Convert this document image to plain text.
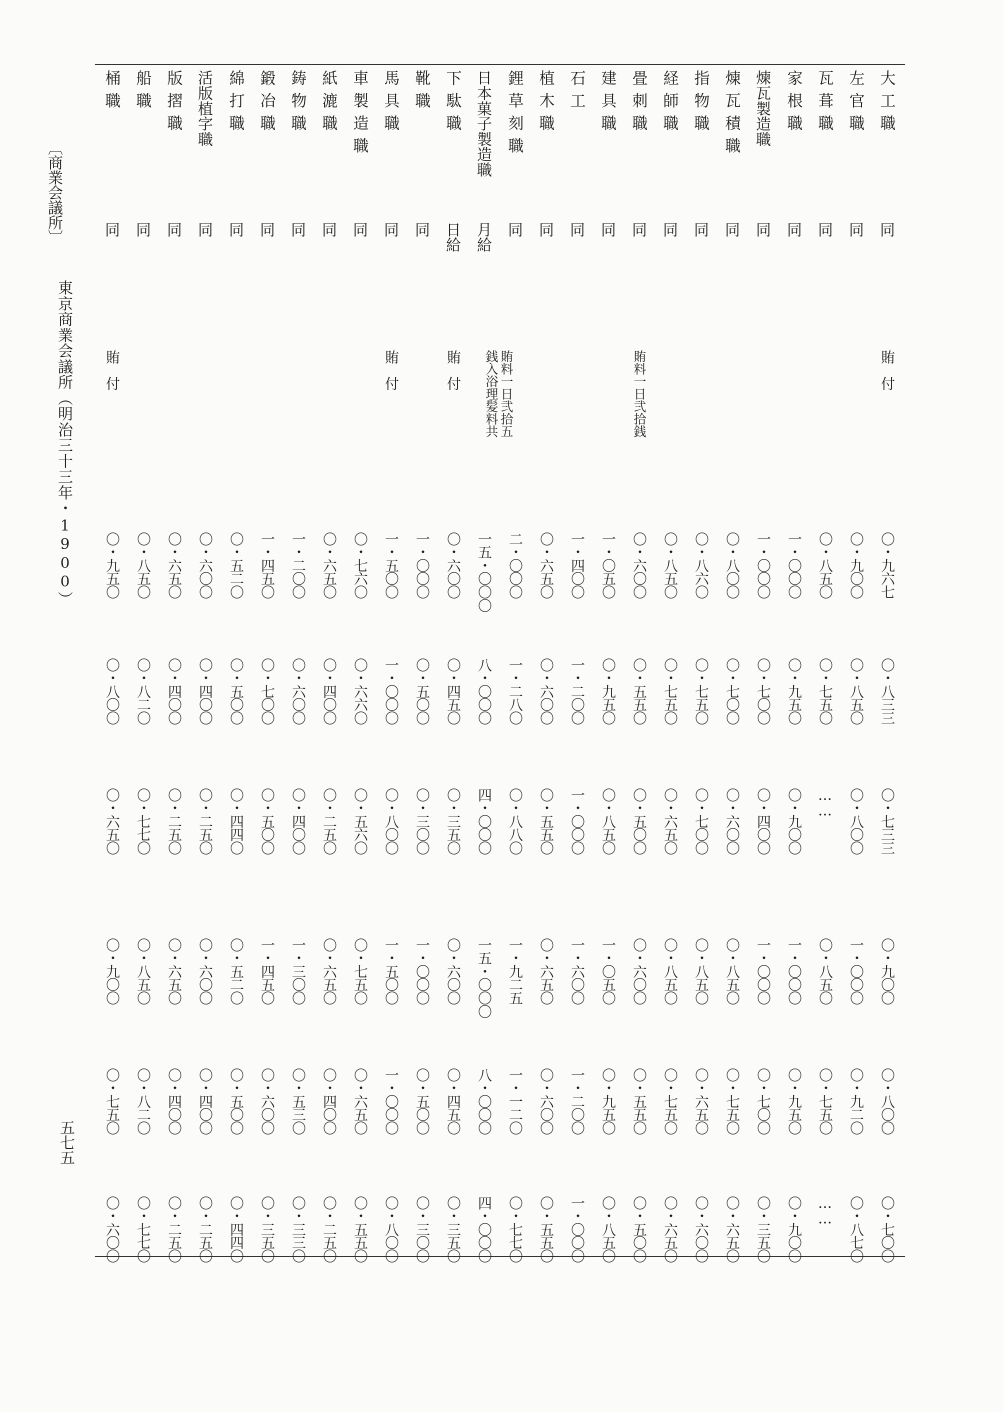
大工職
同
賄付
〇・九六七
〇・八三三
〇・七三三
〇・九〇〇
〇・八〇〇
〇・七〇〇
左官職
同
〇・九〇〇
〇・八五〇
〇・八〇〇
一・〇〇〇
〇・九二〇
〇・八七〇
瓦葺職
同
〇・八五〇
〇・七五〇
……
〇・八五〇
〇・七五〇
……
家根職
同
一・〇〇〇
〇・九五〇
〇・九〇〇
一・〇〇〇
〇・九五〇
〇・九〇〇
煉瓦製造職
同
一・〇〇〇
〇・七〇〇
〇・四〇〇
一・〇〇〇
〇・七〇〇
〇・三五〇
煉瓦積職
同
〇・八〇〇
〇・七〇〇
〇・六〇〇
〇・八五〇
〇・七五〇
〇・六五〇
指物職
同
〇・八六〇
〇・七五〇
〇・七〇〇
〇・八五〇
〇・六五〇
〇・六〇〇
経師職
同
〇・八五〇
〇・七五〇
〇・六五〇
〇・八五〇
〇・七五〇
〇・六五〇
畳刺職
同
賄料一日弐拾銭
〇・六〇〇
〇・五五〇
〇・五〇〇
〇・六〇〇
〇・五五〇
〇・五〇〇
建具職
同
一・〇五〇
〇・九五〇
〇・八五〇
一・〇五〇
〇・九五〇
〇・八五〇
石工
同
一・四〇〇
一・二〇〇
一・〇〇〇
一・六〇〇
一・二〇〇
一・〇〇〇
植木職
同
〇・六五〇
〇・六〇〇
〇・五五〇
〇・六五〇
〇・六〇〇
〇・五五〇
鋰草刻職
同
二・〇〇〇
一・二八〇
〇・八八〇
一・九二五
一・一二〇
〇・七七〇
日本菓子製造職
月給
賄料一日弐拾五
銭入浴理髪料共
一五・〇〇〇
八・〇〇〇
四・〇〇〇
一五・〇〇〇
八・〇〇〇
四・〇〇〇
下駄職
日給
賄付
〇・六〇〇
〇・四五〇
〇・三五〇
〇・六〇〇
〇・四五〇
〇・三五〇
靴職
同
一・〇〇〇
〇・五〇〇
〇・三〇〇
一・〇〇〇
〇・五〇〇
〇・三〇〇
馬具職
同
賄付
一・五〇〇
一・〇〇〇
〇・八〇〇
一・五〇〇
一・〇〇〇
〇・八〇〇
車製造職
同
〇・七六〇
〇・六六〇
〇・五六〇
〇・七五〇
〇・六五〇
〇・五五〇
紙漉職
同
〇・六五〇
〇・四〇〇
〇・二五〇
〇・六五〇
〇・四〇〇
〇・二五〇
鋳物職
同
一・二〇〇
〇・六〇〇
〇・四〇〇
一・三〇〇
〇・五三〇
〇・三三〇
鍛冶職
同
一・四五〇
〇・七〇〇
〇・五〇〇
一・四五〇
〇・六〇〇
〇・三五〇
綿打職
同
〇・五二〇
〇・五〇〇
〇・四四〇
〇・五二〇
〇・五〇〇
〇・四四〇
活版植字職
同
〇・六〇〇
〇・四〇〇
〇・二五〇
〇・六〇〇
〇・四〇〇
〇・二五〇
版摺職
同
〇・六五〇
〇・四〇〇
〇・二五〇
〇・六五〇
〇・四〇〇
〇・二五〇
船職
同
〇・八五〇
〇・八二〇
〇・七七〇
〇・八五〇
〇・八二〇
〇・七七〇
桶職
同
賄付
〇・九五〇
〇・八〇〇
〇・六五〇
〇・九〇〇
〇・七五〇
〇・六〇〇
〔商業会議所〕
東京商業会議所（明治三十三年・1900）
五七五
